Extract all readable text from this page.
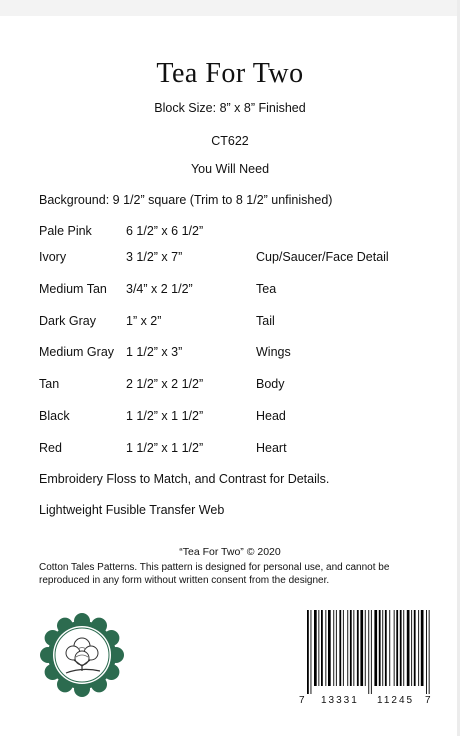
Tea For Two
Block Size: 8” x 8” Finished
CT622
You Will Need
Background: 9 1/2” square (Trim to 8 1/2” unfinished)
Pale Pink	6 1/2” x 6 1/2”
Ivory	3 1/2” x 7”	Cup/Saucer/Face Detail
Medium Tan 3/4” x 2 1/2”	Tea
Dark Gray 1” x 2”	Tail
Medium Gray 1 1/2” x 3”	Wings
Tan	2 1/2” x 2 1/2”	Body
Black	1 1/2” x 1 1/2”	Head
Red	1 1/2” x 1 1/2”	Heart
Embroidery Floss to Match, and Contrast for Details.
Lightweight Fusible Transfer Web
“Tea For Two” © 2020
Cotton Tales Patterns. This pattern is designed for personal use, and cannot be reproduced in any form without written consent from the designer.
7 13331 11245 7
